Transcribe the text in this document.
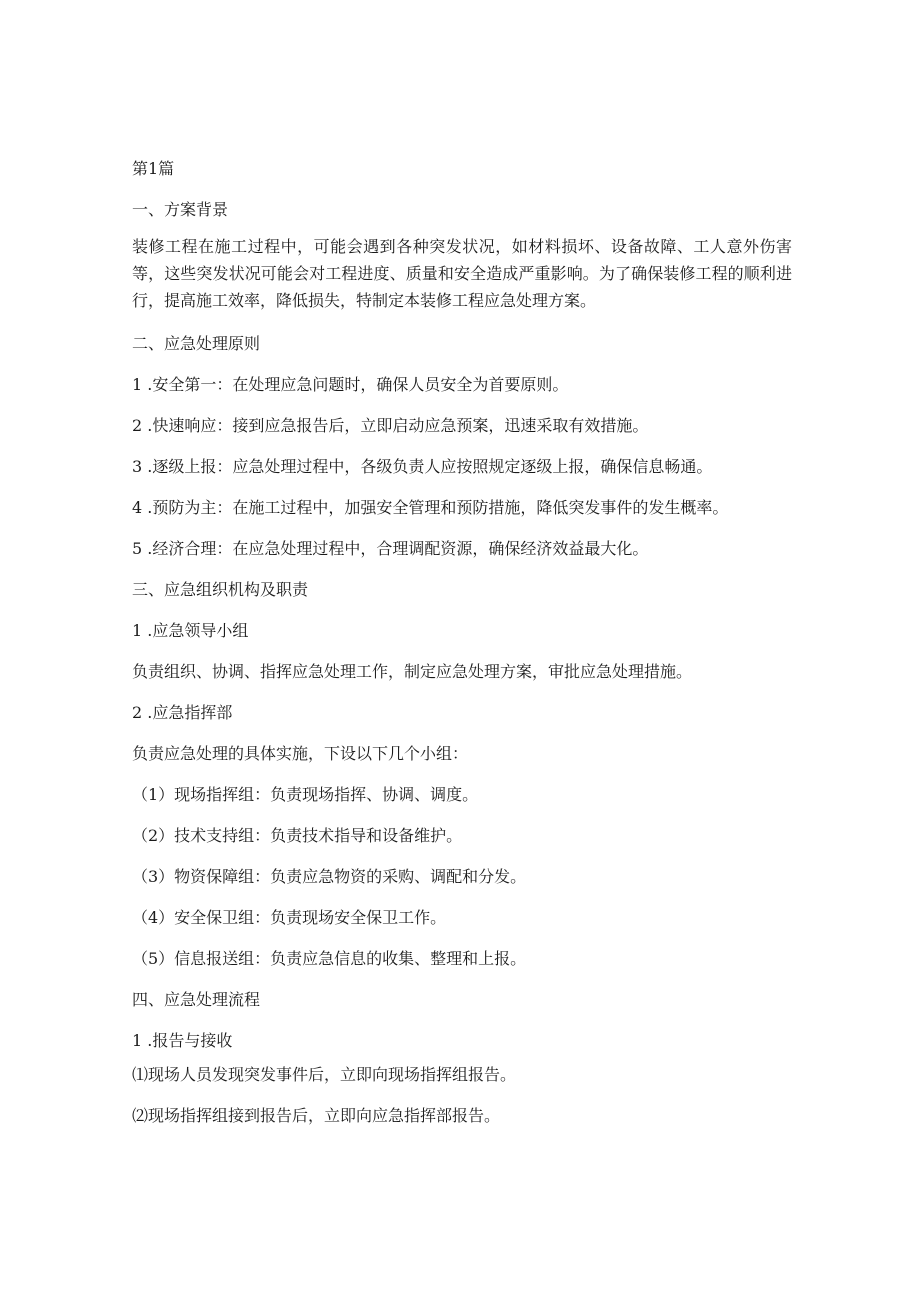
第1篇

一、方案背景

装修工程在施工过程中，可能会遇到各种突发状况，如材料损坏、设备故障、工人意外伤害等，这些突发状况可能会对工程进度、质量和安全造成严重影响。为了确保装修工程的顺利进行，提高施工效率，降低损失，特制定本装修工程应急处理方案。

二、应急处理原则

1 .安全第一：在处理应急问题时，确保人员安全为首要原则。

2 .快速响应：接到应急报告后，立即启动应急预案，迅速采取有效措施。

3 .逐级上报：应急处理过程中，各级负责人应按照规定逐级上报，确保信息畅通。

4 .预防为主：在施工过程中，加强安全管理和预防措施，降低突发事件的发生概率。

5 .经济合理：在应急处理过程中，合理调配资源，确保经济效益最大化。

三、应急组织机构及职责

1 .应急领导小组

负责组织、协调、指挥应急处理工作，制定应急处理方案，审批应急处理措施。

2 .应急指挥部

负责应急处理的具体实施，下设以下几个小组：

（1）现场指挥组：负责现场指挥、协调、调度。

（2）技术支持组：负责技术指导和设备维护。

（3）物资保障组：负责应急物资的采购、调配和分发。

（4）安全保卫组：负责现场安全保卫工作。

（5）信息报送组：负责应急信息的收集、整理和上报。

四、应急处理流程

1 .报告与接收

⑴现场人员发现突发事件后，立即向现场指挥组报告。

⑵现场指挥组接到报告后，立即向应急指挥部报告。
